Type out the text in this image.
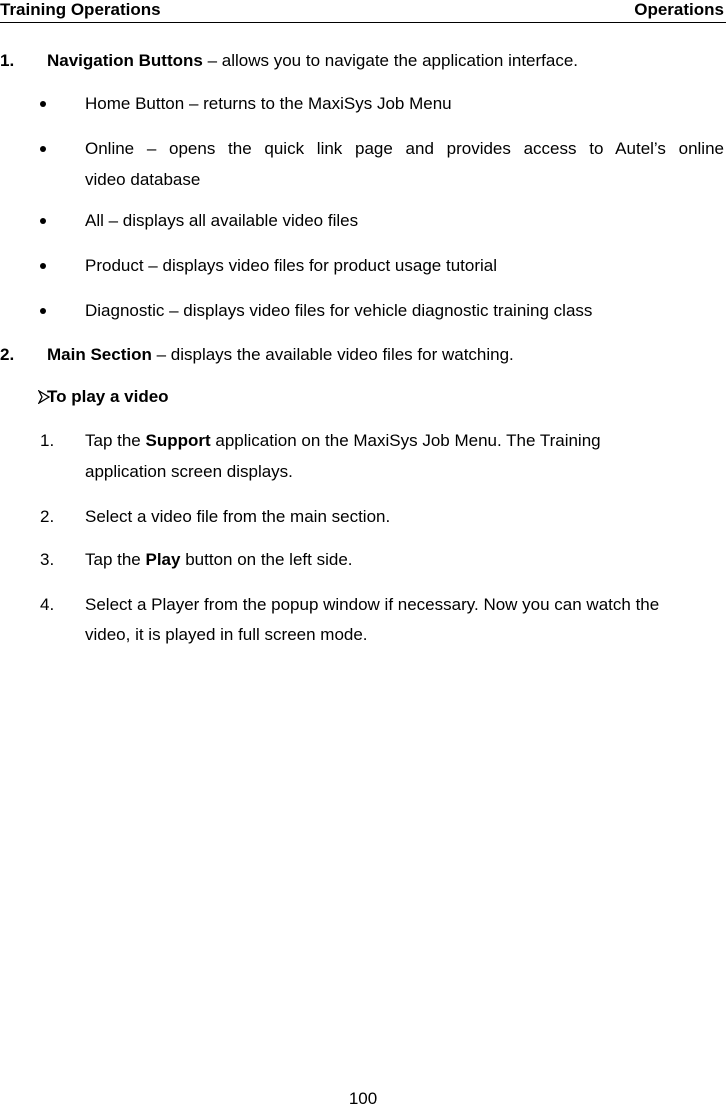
Training Operations	Operations
1. Navigation Buttons – allows you to navigate the application interface.
Home Button – returns to the MaxiSys Job Menu
Online – opens the quick link page and provides access to Autel’s online
video database
All – displays all available video files
Product – displays video files for product usage tutorial
Diagnostic – displays video files for vehicle diagnostic training class
2. Main Section – displays the available video files for watching.
To play a video
1. Tap the Support application on the MaxiSys Job Menu. The Training
application screen displays.
2. Select a video file from the main section.
3. Tap the Play button on the left side.
4. Select a Player from the popup window if necessary. Now you can watch the
video, it is played in full screen mode.
100
